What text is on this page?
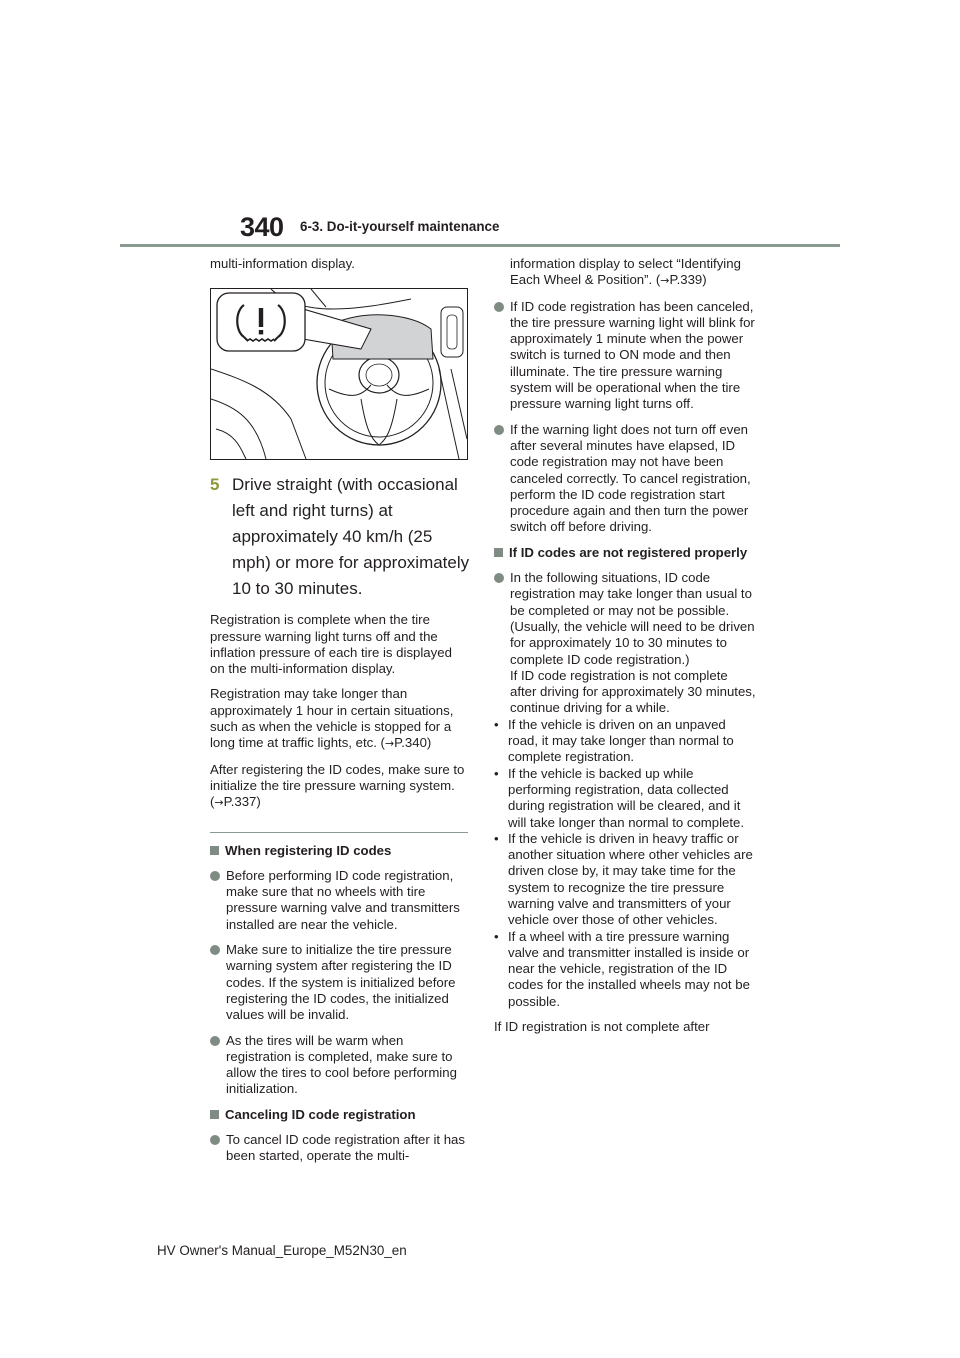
340 6-3. Do-it-yourself maintenance

multi-information display.

5 Drive straight (with occasional left and right turns) at approximately 40 km/h (25 mph) or more for approximately 10 to 30 minutes.

Registration is complete when the tire pressure warning light turns off and the inflation pressure of each tire is displayed on the multi-information display.

Registration may take longer than approximately 1 hour in certain situations, such as when the vehicle is stopped for a long time at traffic lights, etc. (→P.340)

After registering the ID codes, make sure to initialize the tire pressure warning system. (→P.337)

When registering ID codes
Before performing ID code registration, make sure that no wheels with tire pressure warning valve and transmitters installed are near the vehicle.
Make sure to initialize the tire pressure warning system after registering the ID codes. If the system is initialized before registering the ID codes, the initialized values will be invalid.
As the tires will be warm when registration is completed, make sure to allow the tires to cool before performing initialization.
Canceling ID code registration
To cancel ID code registration after it has been started, operate the multi-

information display to select “Identifying Each Wheel & Position”. (→P.339)

If ID code registration has been canceled, the tire pressure warning light will blink for approximately 1 minute when the power switch is turned to ON mode and then illuminate. The tire pressure warning system will be operational when the tire pressure warning light turns off.
If the warning light does not turn off even after several minutes have elapsed, ID code registration may not have been canceled correctly. To cancel registration, perform the ID code registration start procedure again and then turn the power switch off before driving.
If ID codes are not registered properly
In the following situations, ID code registration may take longer than usual to be completed or may not be possible. (Usually, the vehicle will need to be driven for approximately 10 to 30 minutes to complete ID code registration.)
If ID code registration is not complete after driving for approximately 30 minutes, continue driving for a while.
• If the vehicle is driven on an unpaved road, it may take longer than normal to complete registration.
• If the vehicle is backed up while performing registration, data collected during registration will be cleared, and it will take longer than normal to complete.
• If the vehicle is driven in heavy traffic or another situation where other vehicles are driven close by, it may take time for the system to recognize the tire pressure warning valve and transmitters of your vehicle over those of other vehicles.
• If a wheel with a tire pressure warning valve and transmitter installed is inside or near the vehicle, registration of the ID codes for the installed wheels may not be possible.

If ID registration is not complete after

HV Owner's Manual_Europe_M52N30_en
